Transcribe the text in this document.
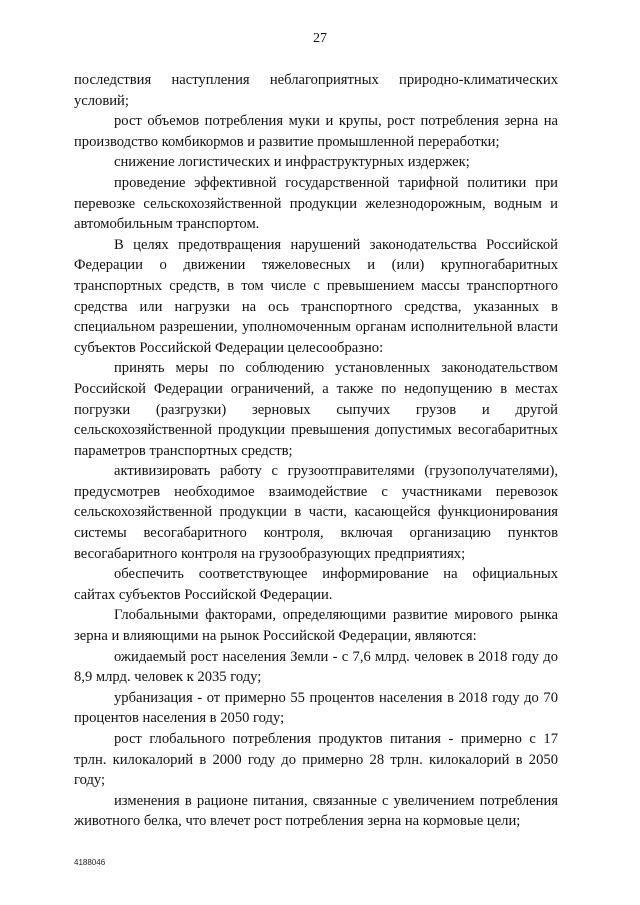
27

последствия наступления неблагоприятных природно-климатических условий;

рост объемов потребления муки и крупы, рост потребления зерна на производство комбикормов и развитие промышленной переработки;

снижение логистических и инфраструктурных издержек;

проведение эффективной государственной тарифной политики при перевозке сельскохозяйственной продукции железнодорожным, водным и автомобильным транспортом.

В целях предотвращения нарушений законодательства Российской Федерации о движении тяжеловесных и (или) крупногабаритных транспортных средств, в том числе с превышением массы транспортного средства или нагрузки на ось транспортного средства, указанных в специальном разрешении, уполномоченным органам исполнительной власти субъектов Российской Федерации целесообразно:

принять меры по соблюдению установленных законодательством Российской Федерации ограничений, а также по недопущению в местах погрузки (разгрузки) зерновых сыпучих грузов и другой сельскохозяйственной продукции превышения допустимых весогабаритных параметров транспортных средств;

активизировать работу с грузоотправителями (грузополучателями), предусмотрев необходимое взаимодействие с участниками перевозок сельскохозяйственной продукции в части, касающейся функционирования системы весогабаритного контроля, включая организацию пунктов весогабаритного контроля на грузообразующих предприятиях;

обеспечить соответствующее информирование на официальных сайтах субъектов Российской Федерации.

Глобальными факторами, определяющими развитие мирового рынка зерна и влияющими на рынок Российской Федерации, являются:

ожидаемый рост населения Земли - с 7,6 млрд. человек в 2018 году до 8,9 млрд. человек к 2035 году;

урбанизация - от примерно 55 процентов населения в 2018 году до 70 процентов населения в 2050 году;

рост глобального потребления продуктов питания - примерно с 17 трлн. килокалорий в 2000 году до примерно 28 трлн. килокалорий в 2050 году;

изменения в рационе питания, связанные с увеличением потребления животного белка, что влечет рост потребления зерна на кормовые цели;

4188046
